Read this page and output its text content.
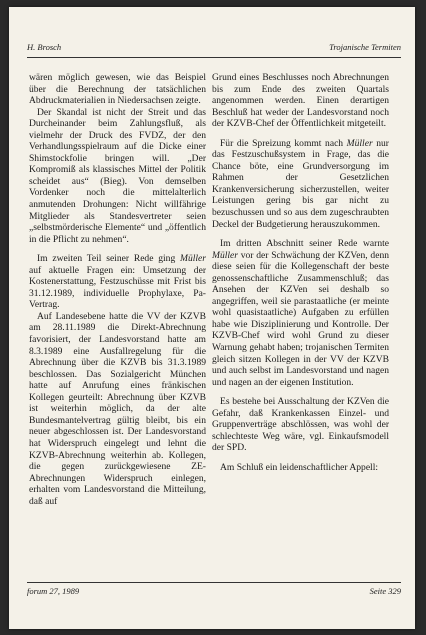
H. Brosch	Trojanische Termiten

wären möglich gewesen, wie das Beispiel über die Berechnung der tatsächlichen Abdruckmaterialien in Niedersachsen zeigte.

Der Skandal ist nicht der Streit und das Durcheinander beim Zahlungsfluß, als vielmehr der Druck des FVDZ, der den Verhandlungsspielraum auf die Dicke einer Shimstockfolie bringen will. „Der Kompromiß als klassisches Mittel der Politik scheidet aus“ (Bieg). Von demselben Vordenker noch die mittelalterlich anmutenden Drohungen: Nicht willfährige Mitglieder als Standesvertreter seien „selbstmörderische Elemente“ und „öffentlich in die Pflicht zu nehmen“.

Im zweiten Teil seiner Rede ging Müller auf aktuelle Fragen ein: Umsetzung der Kostenerstattung, Festzuschüsse mit Frist bis 31.12.1989, individuelle Prophylaxe, Pa-Vertrag.

Auf Landesebene hatte die VV der KZVB am 28.11.1989 die Direkt-Abrechnung favorisiert, der Landesvorstand hatte am 8.3.1989 eine Ausfallregelung für die Abrechnung über die KZVB bis 31.3.1989 beschlossen. Das Sozialgericht München hatte auf Anrufung eines fränkischen Kollegen geurteilt: Abrechnung über KZVB ist weiterhin möglich, da der alte Bundesmantelvertrag gültig bleibt, bis ein neuer abgeschlossen ist. Der Landesvorstand hat Widerspruch eingelegt und lehnt die KZVB-Abrechnung weiterhin ab. Kollegen, die gegen zurückgewiesene ZE-Abrechnungen Widerspruch einlegen, erhalten vom Landesvorstand die Mitteilung, daß auf

Grund eines Beschlusses noch Abrechnungen bis zum Ende des zweiten Quartals angenommen werden. Einen derartigen Beschluß hat weder der Landesvorstand noch der KZVB-Chef der Öffentlichkeit mitgeteilt.

Für die Spreizung kommt nach Müller nur das Festzuschußsystem in Frage, das die Chance böte, eine Grundversorgung im Rahmen der Gesetzlichen Krankenversicherung sicherzustellen, weiter Leistungen gering bis gar nicht zu bezuschussen und so aus dem zugeschraubten Deckel der Budgetierung herauszukommen.

Im dritten Abschnitt seiner Rede warnte Müller vor der Schwächung der KZVen, denn diese seien für die Kollegenschaft der beste genossenschaftliche Zusammenschluß; das Ansehen der KZVen sei deshalb so angegriffen, weil sie parastaatliche (er meinte wohl quasistaatliche) Aufgaben zu erfüllen habe wie Disziplinierung und Kontrolle. Der KZVB-Chef wird wohl Grund zu dieser Warnung gehabt haben; trojanischen Termiten gleich sitzen Kollegen in der VV der KZVB und auch selbst im Landesvorstand und nagen und nagen an der eigenen Institution.

Es bestehe bei Ausschaltung der KZVen die Gefahr, daß Krankenkassen Einzel- und Gruppenverträge abschlössen, was wohl der schlechteste Weg wäre, vgl. Einkaufsmodell der SPD.

Am Schluß ein leidenschaftlicher Appell:

forum 27, 1989	Seite 329
